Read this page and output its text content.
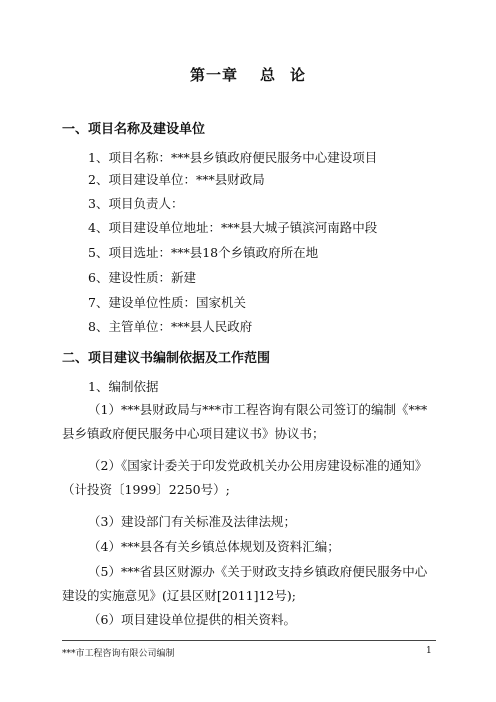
第一章 总 论
一、项目名称及建设单位
1、项目名称：***县乡镇政府便民服务中心建设项目
2、项目建设单位：***县财政局
3、项目负责人：
4、项目建设单位地址：***县大城子镇滨河南路中段
5、项目选址：***县18个乡镇政府所在地
6、建设性质：新建
7、建设单位性质：国家机关
8、主管单位：***县人民政府
二、项目建议书编制依据及工作范围
1、编制依据
（1）***县财政局与***市工程咨询有限公司签订的编制《***县乡镇政府便民服务中心项目建议书》协议书；
（2）《国家计委关于印发党政机关办公用房建设标准的通知》（计投资〔1999〕2250号）;
（3）建设部门有关标准及法律法规；
（4）***县各有关乡镇总体规划及资料汇编；
（5）***省县区财源办《关于财政支持乡镇政府便民服务中心建设的实施意见》(辽县区财[2011]12号);
（6）项目建设单位提供的相关资料。
***市工程咨询有限公司编制	1
